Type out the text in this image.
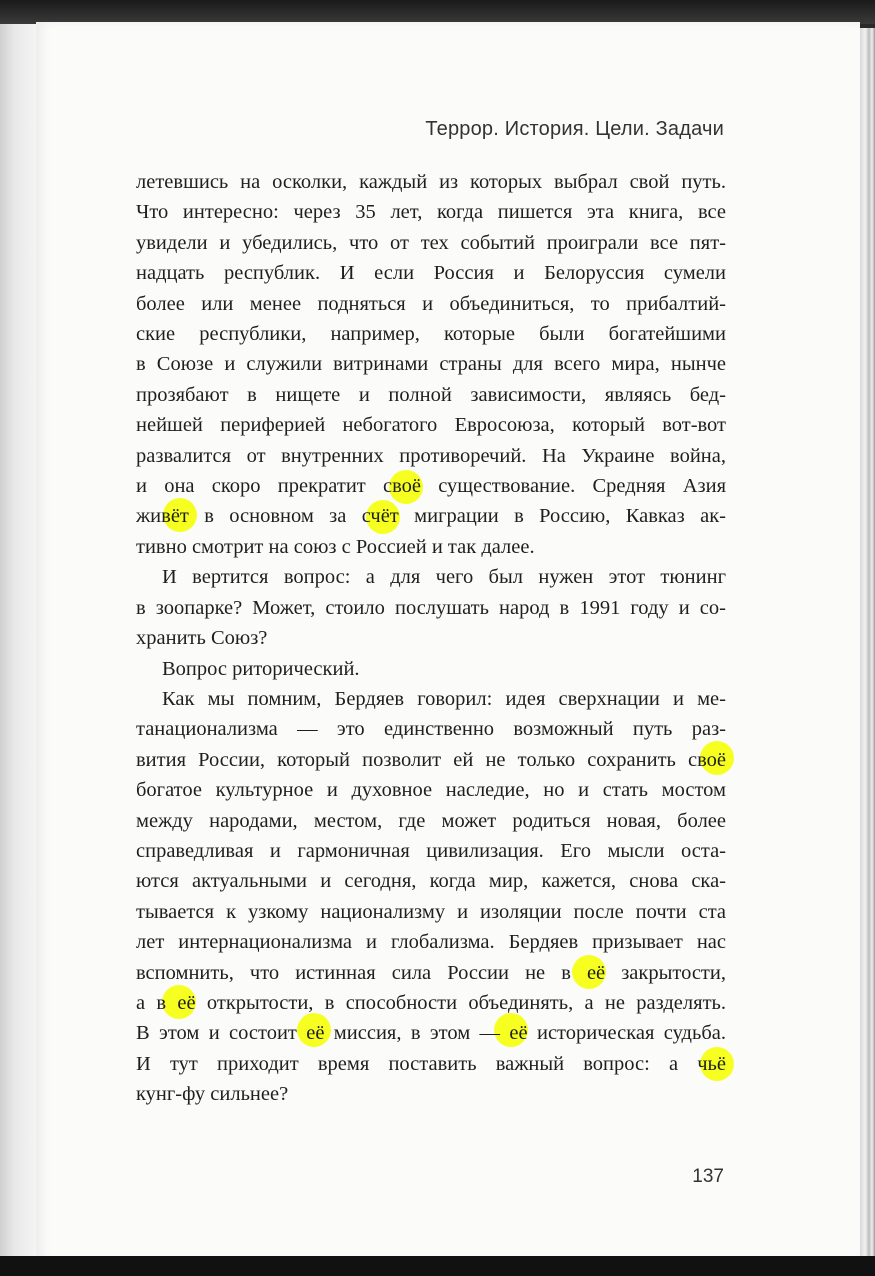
Террор. История. Цели. Задачи

летевшись на осколки, каждый из которых выбрал свой путь.
Что интересно: через 35 лет, когда пишется эта книга, все
увидели и убедились, что от тех событий проиграли все пят-
надцать республик. И если Россия и Белоруссия сумели
более или менее подняться и объединиться, то прибалтий-
ские республики, например, которые были богатейшими
в Союзе и служили витринами страны для всего мира, нынче
прозябают в нищете и полной зависимости, являясь бед-
нейшей периферией небогатого Евросоюза, который вот-вот
развалится от внутренних противоречий. На Украине война,
и она скоро прекратит своё существование. Средняя Азия
живёт в основном за счёт миграции в Россию, Кавказ ак-
тивно смотрит на союз с Россией и так далее.

И вертится вопрос: а для чего был нужен этот тюнинг
в зоопарке? Может, стоило послушать народ в 1991 году и со-
хранить Союз?

Вопрос риторический.

Как мы помним, Бердяев говорил: идея сверхнации и ме-
танационализма — это единственно возможный путь раз-
вития России, который позволит ей не только сохранить своё
богатое культурное и духовное наследие, но и стать мостом
между народами, местом, где может родиться новая, более
справедливая и гармоничная цивилизация. Его мысли оста-
ются актуальными и сегодня, когда мир, кажется, снова ска-
тывается к узкому национализму и изоляции после почти ста
лет интернационализма и глобализма. Бердяев призывает нас
вспомнить, что истинная сила России не в её закрытости,
а в её открытости, в способности объединять, а не разделять.
В этом и состоит её миссия, в этом — её историческая судьба.
И тут приходит время поставить важный вопрос: а чьё
кунг-фу сильнее?

137
